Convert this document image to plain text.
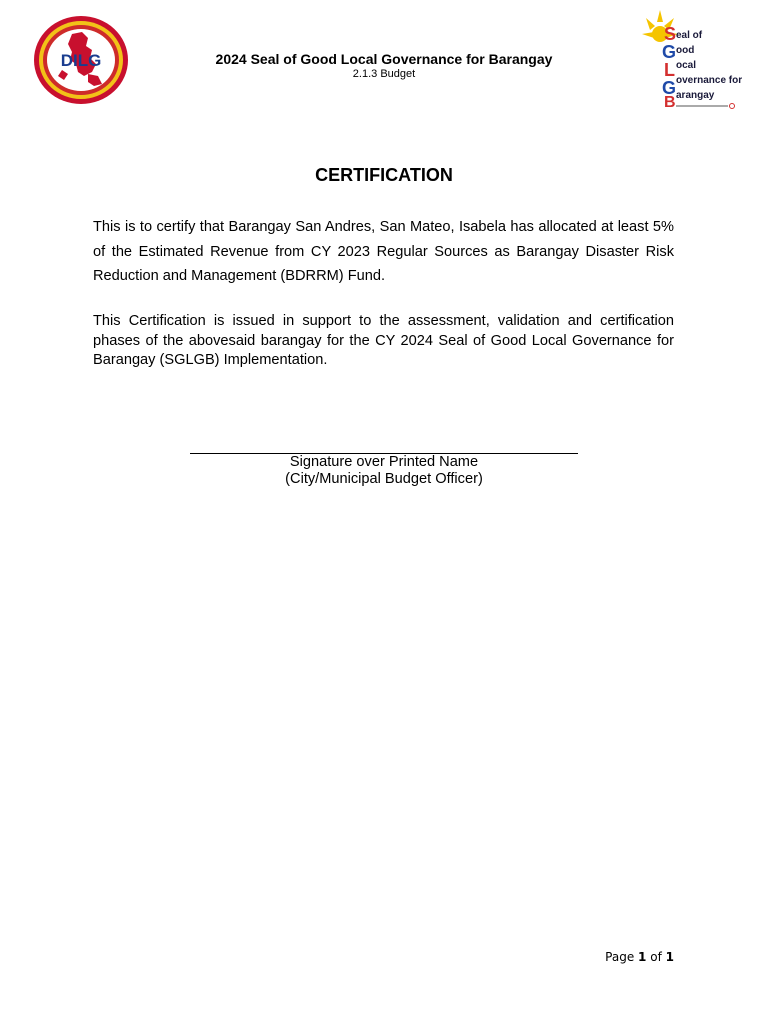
DILG	2024 Seal of Good Local Governance for Barangay
2.1.3 Budget
S
G
L
G
B
eal of
ood
ocal
overnance for
arangay
CERTIFICATION
This is to certify that Barangay San Andres, San Mateo, Isabela has allocated at least 5% of the Estimated Revenue from CY 2023 Regular Sources as Barangay Disaster Risk Reduction and Management (BDRRM) Fund.
This Certification is issued in support to the assessment, validation and certification phases of the abovesaid barangay for the CY 2024 Seal of Good Local Governance for Barangay (SGLGB) Implementation.
Signature over Printed Name
(City/Municipal Budget Officer)
Page 1 of 1
